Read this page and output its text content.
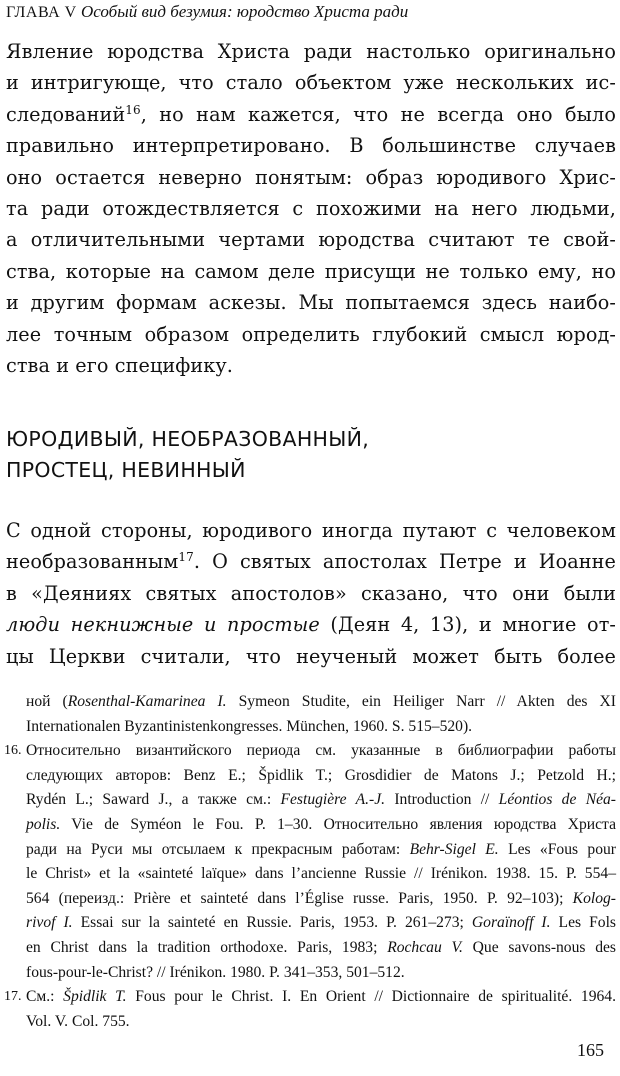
ГЛАВА V Особый вид безумия: юродство Христа ради
Явление юродства Христа ради настолько оригинально
и интригующе, что стало объектом уже нескольких ис-
следований$^{16}$, но нам кажется, что не всегда оно было
правильно интерпретировано. В большинстве случаев
оно остается неверно понятым: образ юродивого Хрис-
та ради отождествляется с похожими на него людьми,
а отличительными чертами юродства считают те свой-
ства, которые на самом деле присущи не только ему, но
и другим формам аскезы. Мы попытаемся здесь наибо-
лее точным образом определить глубокий смысл юрод-
ства и его специфику.
ЮРОДИВЫЙ, НЕОБРАЗОВАННЫЙ,
ПРОСТЕЦ, НЕВИННЫЙ
С одной стороны, юродивого иногда путают с человеком
необразованным$^{17}$. О святых апостолах Петре и Иоанне
в «Деяниях святых апостолов» сказано, что они были
люди некнижные и простые (Деян 4, 13), и многие от-
цы Церкви считали, что неученый может быть более
ной (Rosenthal-Kamarinea I. Symeon Studite, ein Heiliger Narr // Akten des XI
Internationalen Byzantinistenkongresses. München, 1960. S. 515–520).
16. Относительно византийского периода см. указанные в библиографии работы
следующих авторов: Benz E.; Špidlik T.; Grosdidier de Matons J.; Petzold H.;
Rydén L.; Saward J., а также см.: Festugière A.-J. Introduction // Léontios de Néa-
polis. Vie de Syméon le Fou. P. 1–30. Относительно явления юродства Христа
ради на Руси мы отсылаем к прекрасным работам: Behr-Sigel E. Les «Fous pour
le Christ» et la «sainteté laïque» dans l’ancienne Russie // Irénikon. 1938. 15. P. 554–
564 (переизд.: Prière et sainteté dans l’Église russe. Paris, 1950. P. 92–103); Kolog-
rivof I. Essai sur la sainteté en Russie. Paris, 1953. P. 261–273; Goraïnoff I. Les Fols
en Christ dans la tradition orthodoxe. Paris, 1983; Rochcau V. Que savons-nous des
fous-pour-le-Christ? // Irénikon. 1980. P. 341–353, 501–512.
17. См.: Špidlik T. Fous pour le Christ. I. En Orient // Dictionnaire de spiritualité. 1964.
Vol. V. Col. 755.
165
